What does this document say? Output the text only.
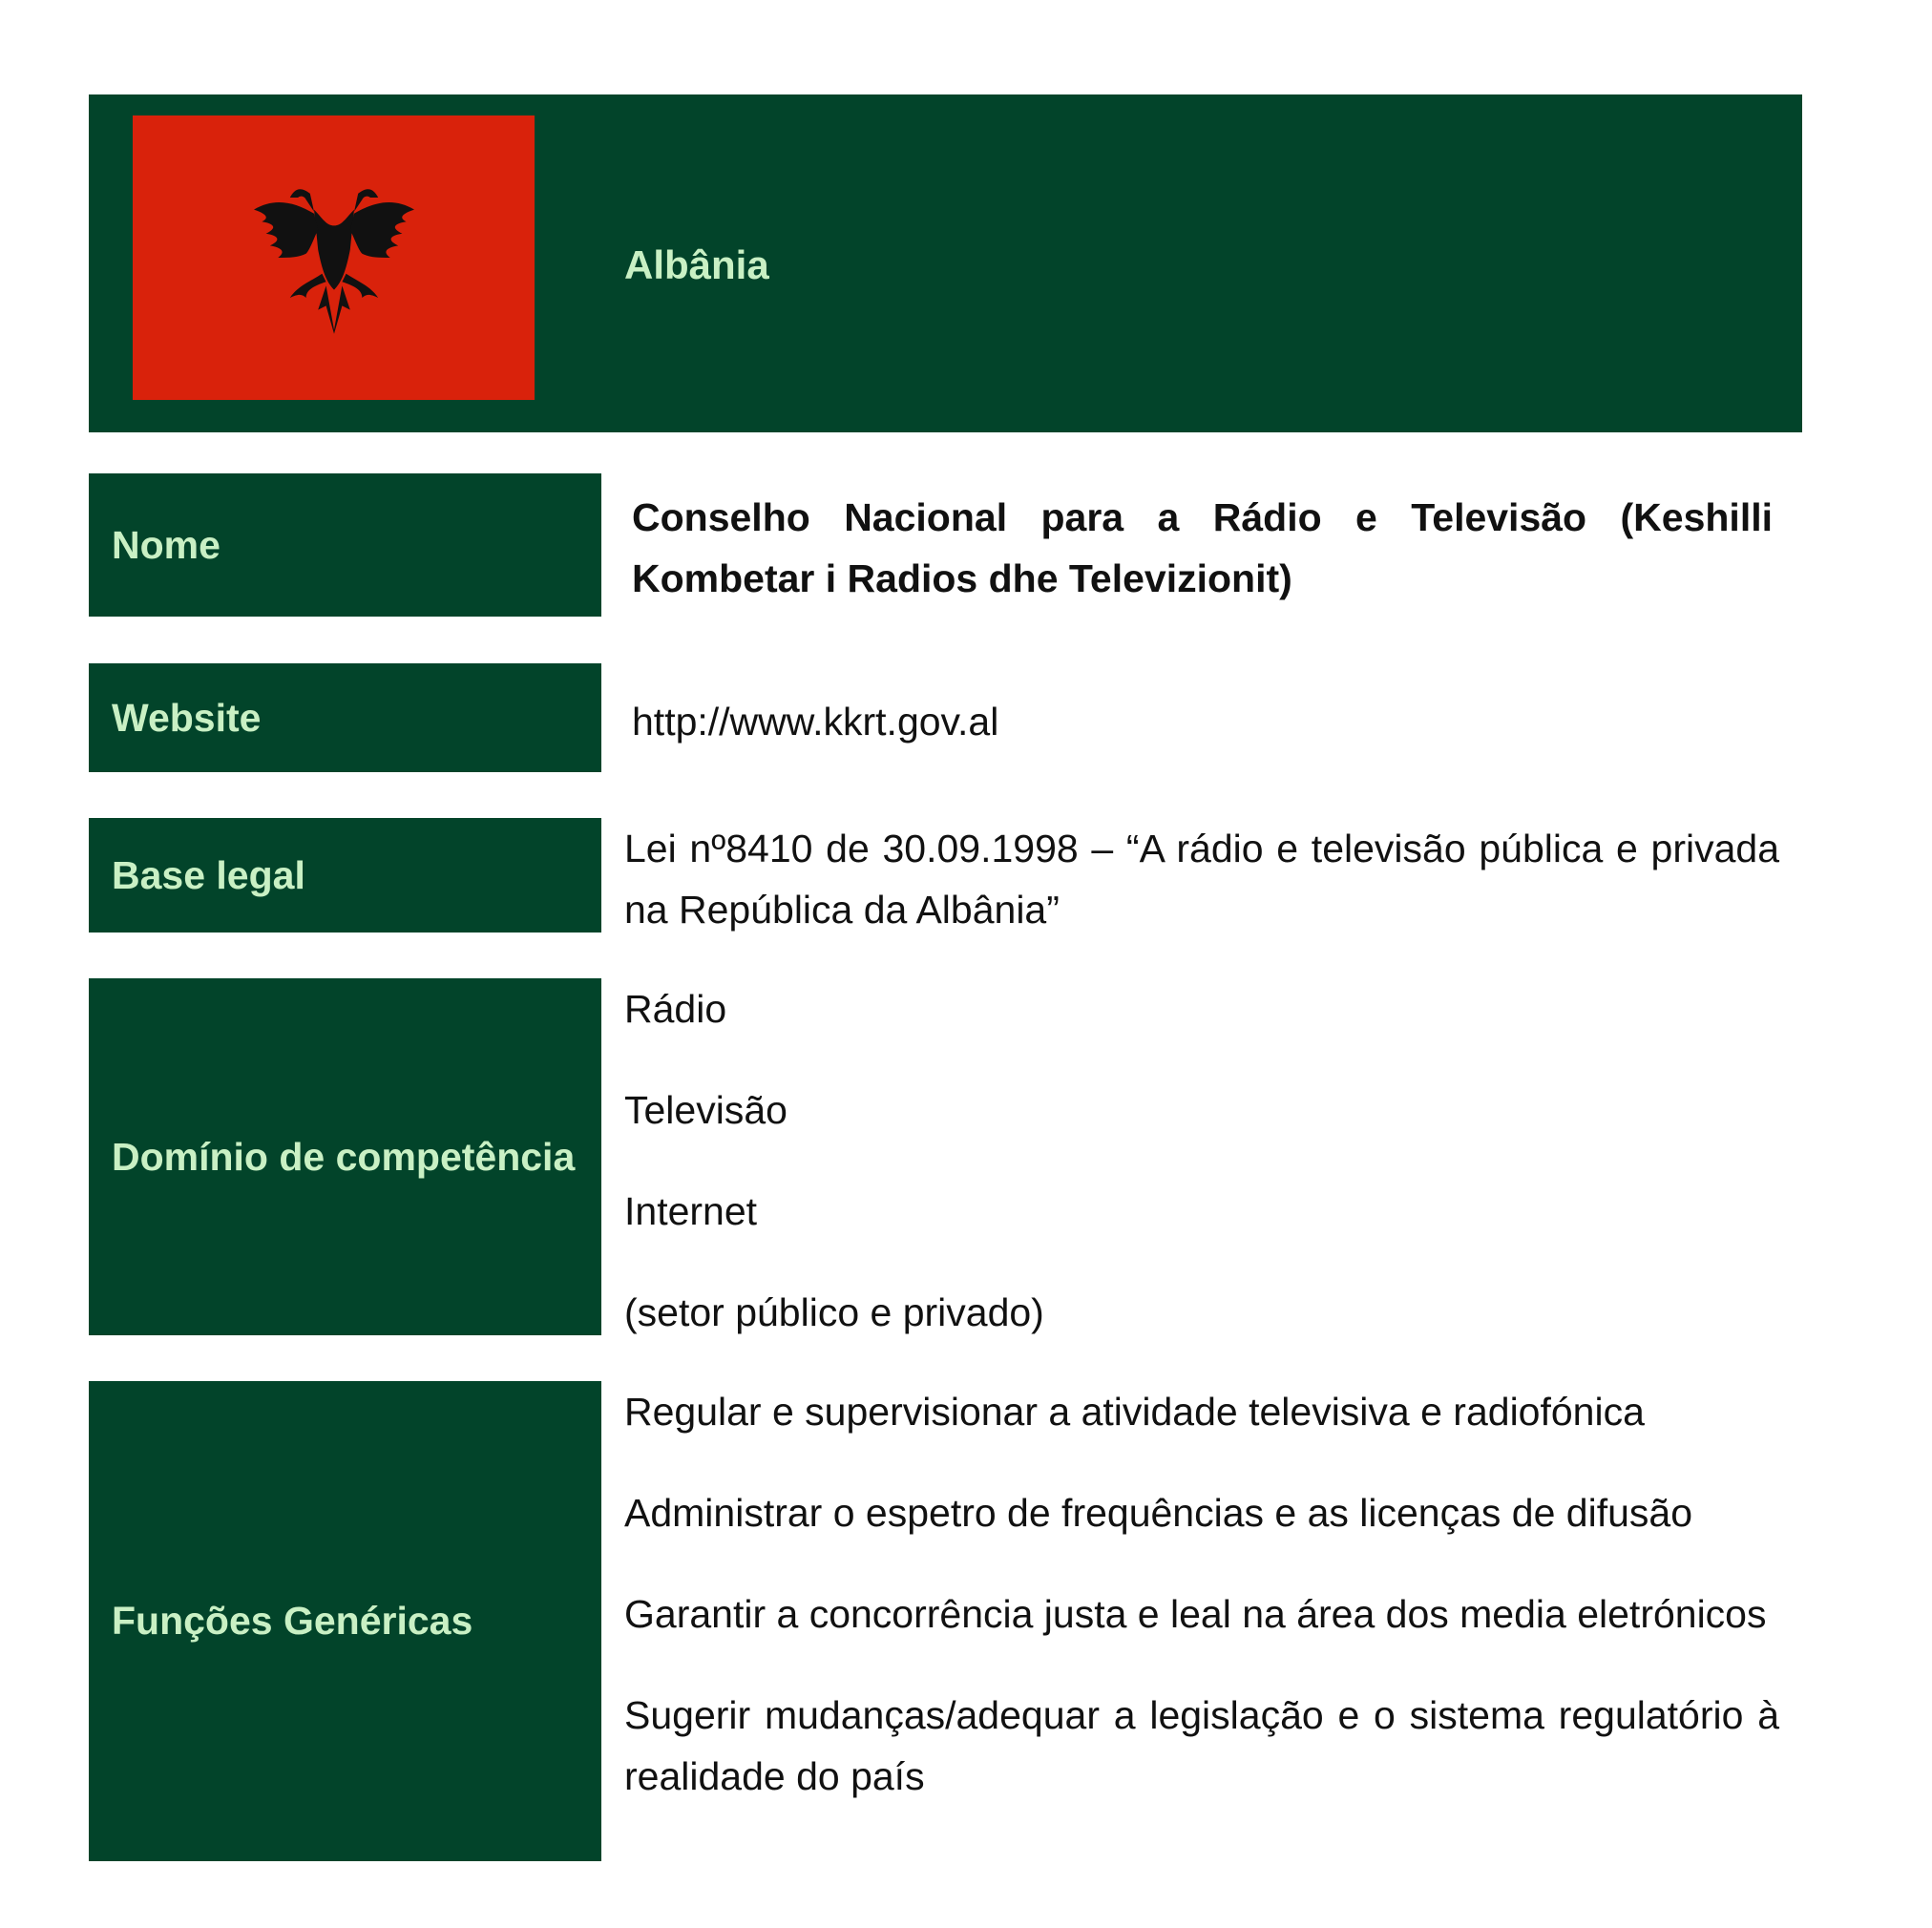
Albânia
Nome
Conselho Nacional para a Rádio e Televisão (Keshilli Kombetar i Radios dhe Televizionit)
Website	http://www.kkrt.gov.al
Base legal
Lei nº8410 de 30.09.1998 – “A rádio e televisão pública e privada na República da Albânia”
Domínio de competência
Rádio
Televisão
Internet
(setor público e privado)
Funções Genéricas
Regular e supervisionar a atividade televisiva e radiofónica
Administrar o espetro de frequências e as licenças de difusão
Garantir a concorrência justa e leal na área dos media eletrónicos
Sugerir mudanças/adequar a legislação e o sistema regulatório à realidade do país
